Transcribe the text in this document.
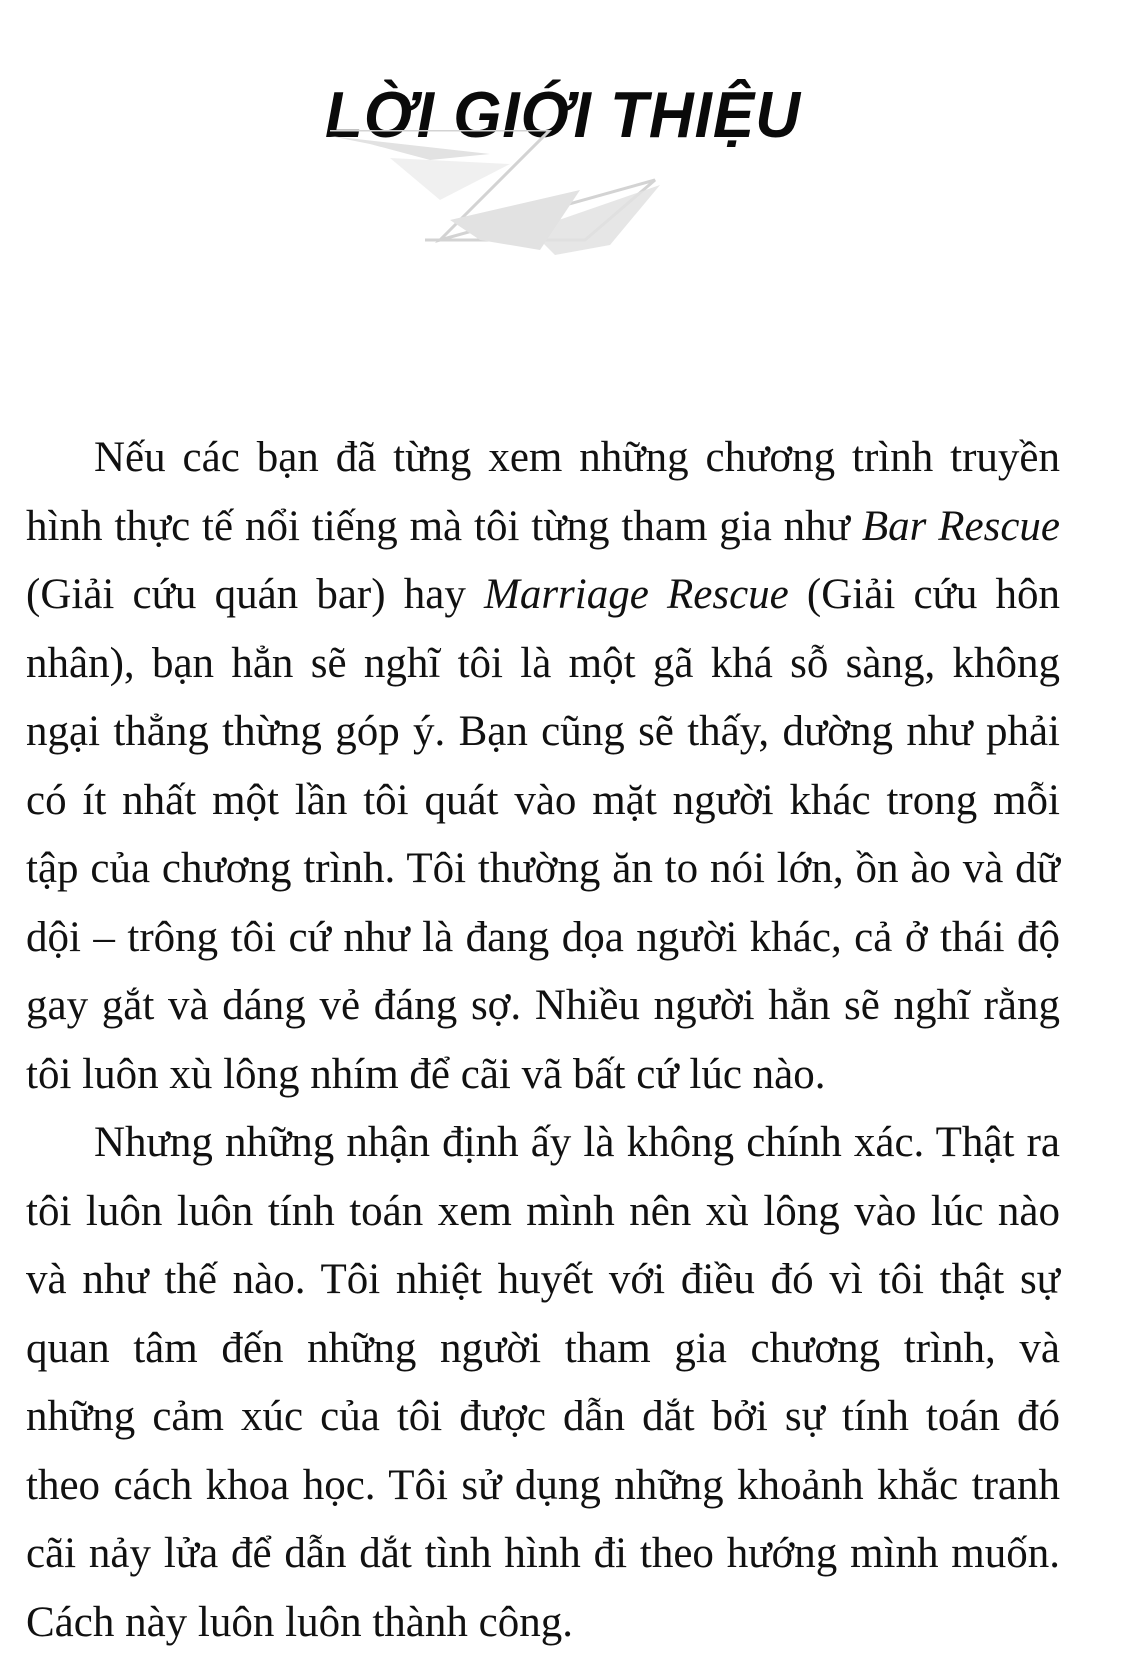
LỜI GIỚI THIỆU

Nếu các bạn đã từng xem những chương trình truyền hình thực tế nổi tiếng mà tôi từng tham gia như Bar Rescue (Giải cứu quán bar) hay Marriage Rescue (Giải cứu hôn nhân), bạn hẳn sẽ nghĩ tôi là một gã khá sỗ sàng, không ngại thẳng thừng góp ý. Bạn cũng sẽ thấy, dường như phải có ít nhất một lần tôi quát vào mặt người khác trong mỗi tập của chương trình. Tôi thường ăn to nói lớn, ồn ào và dữ dội – trông tôi cứ như là đang dọa người khác, cả ở thái độ gay gắt và dáng vẻ đáng sợ. Nhiều người hẳn sẽ nghĩ rằng tôi luôn xù lông nhím để cãi vã bất cứ lúc nào.

Nhưng những nhận định ấy là không chính xác. Thật ra tôi luôn luôn tính toán xem mình nên xù lông vào lúc nào và như thế nào. Tôi nhiệt huyết với điều đó vì tôi thật sự quan tâm đến những người tham gia chương trình, và những cảm xúc của tôi được dẫn dắt bởi sự tính toán đó theo cách khoa học. Tôi sử dụng những khoảnh khắc tranh cãi nảy lửa để dẫn dắt tình hình đi theo hướng mình muốn. Cách này luôn luôn thành công.
